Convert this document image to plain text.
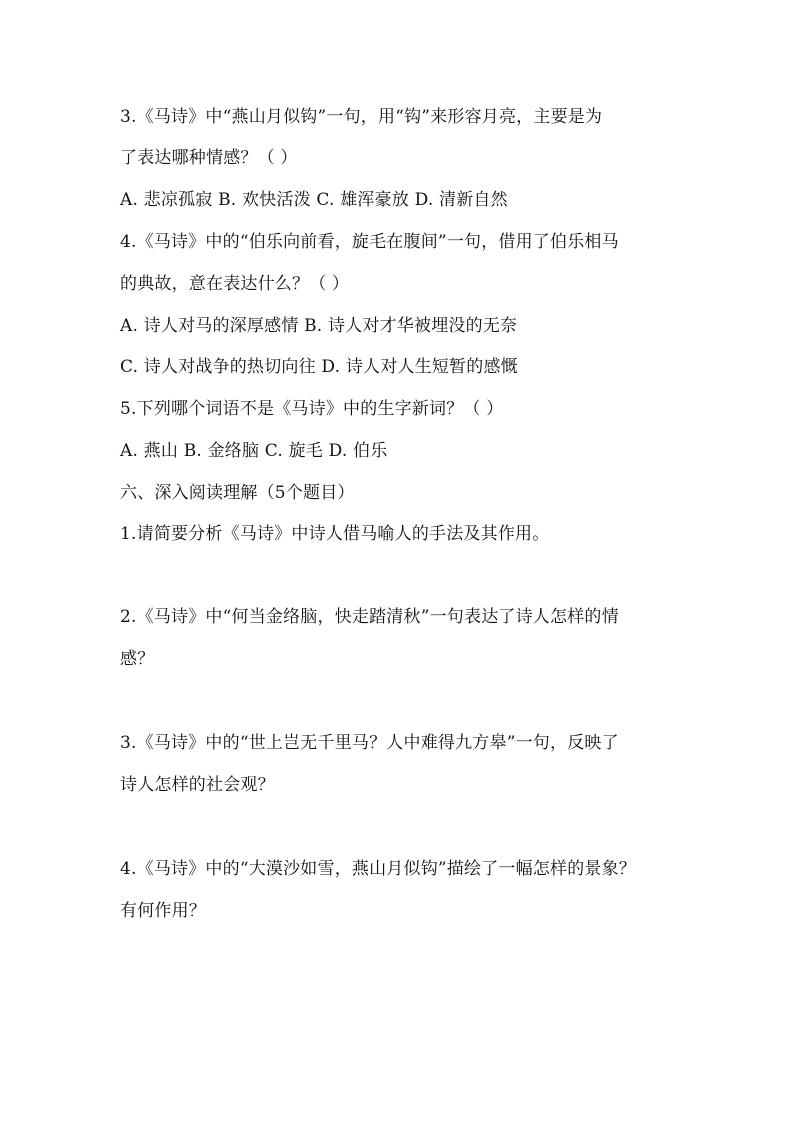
3.《马诗》中“燕山月似钩”一句，用“钩”来形容月亮，主要是为
了表达哪种情感？（ ）
A. 悲凉孤寂 B. 欢快活泼 C. 雄浑豪放 D. 清新自然
4.《马诗》中的“伯乐向前看，旋毛在腹间”一句，借用了伯乐相马
的典故，意在表达什么？（ ）
A. 诗人对马的深厚感情 B. 诗人对才华被埋没的无奈
C. 诗人对战争的热切向往 D. 诗人对人生短暂的感慨
5.下列哪个词语不是《马诗》中的生字新词？（ ）
A. 燕山 B. 金络脑 C. 旋毛 D. 伯乐
六、深入阅读理解（5个题目）
1.请简要分析《马诗》中诗人借马喻人的手法及其作用。
2.《马诗》中“何当金络脑，快走踏清秋”一句表达了诗人怎样的情
感？
3.《马诗》中的“世上岂无千里马？人中难得九方皋”一句，反映了
诗人怎样的社会观？
4.《马诗》中的“大漠沙如雪，燕山月似钩”描绘了一幅怎样的景象？
有何作用？
